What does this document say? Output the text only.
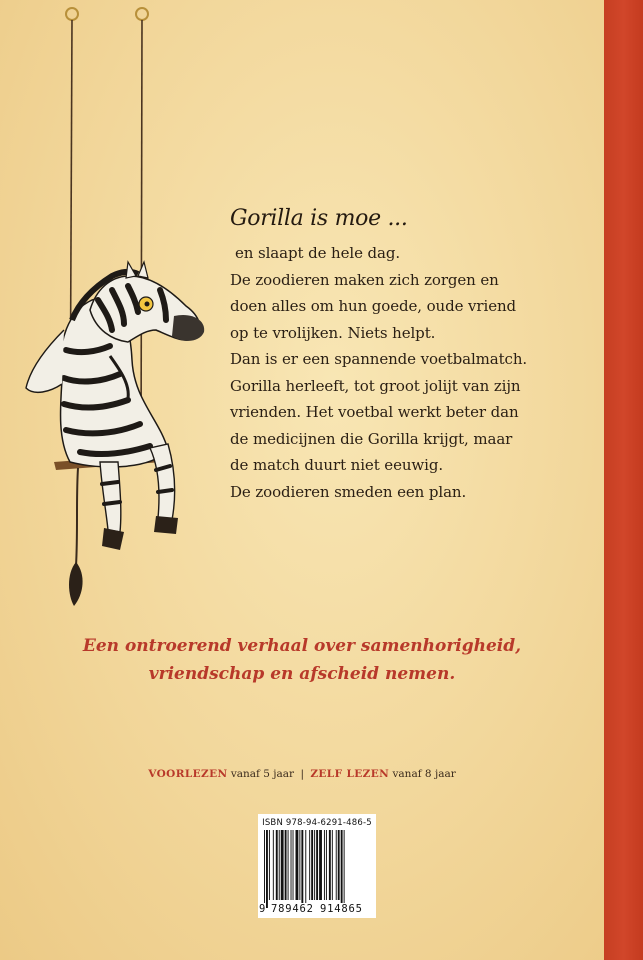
Gorilla is moe ...

en slaapt de hele dag.

De zoodieren maken zich zorgen en

doen alles om hun goede, oude vriend

op te vrolijken. Niets helpt.

Dan is er een spannende voetbalmatch.

Gorilla herleeft, tot groot jolijt van zijn

vrienden. Het voetbal werkt beter dan

de medicijnen die Gorilla krijgt, maar

de match duurt niet eeuwig.

De zoodieren smeden een plan.

Een ontroerend verhaal over samenhorigheid,
vriendschap en afscheid nemen.
VOORLEZEN vanaf 5 jaar | ZELF LEZEN vanaf 8 jaar
ISBN 978-94-6291-486-5
9 789462 914865
